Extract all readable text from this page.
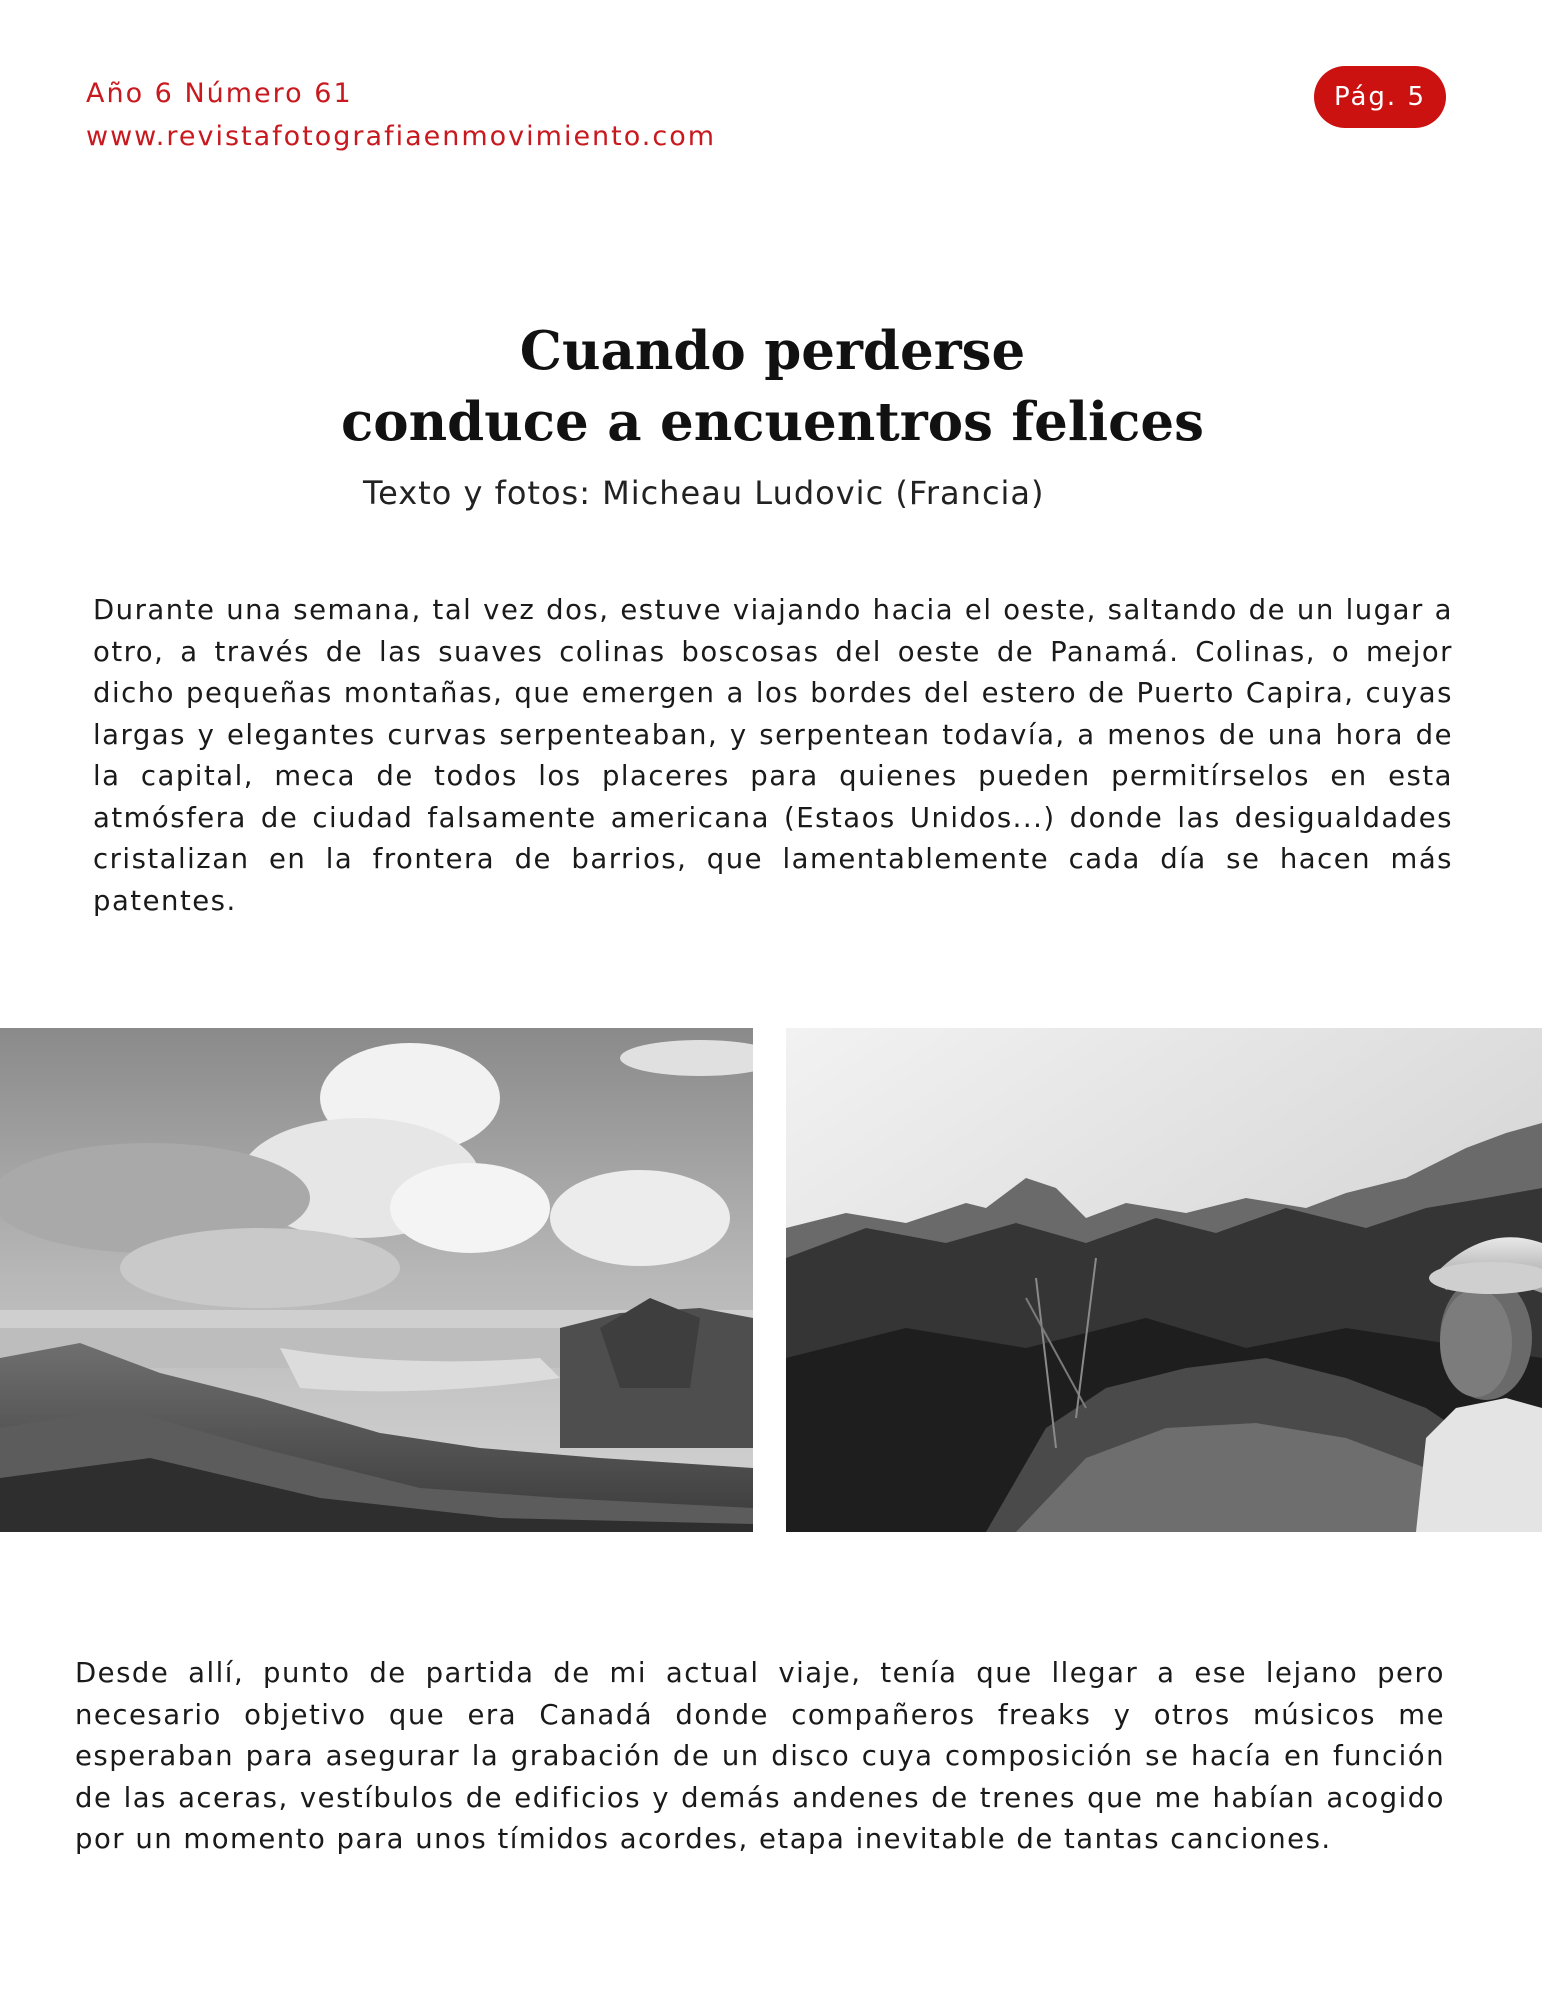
Año 6 Número 61
www.revistafotografiaenmovimiento.com
Pág. 5
Cuando perderse
conduce a encuentros felices

Texto y fotos: Micheau Ludovic (Francia)

Durante una semana, tal vez dos, estuve viajando hacia el oeste, saltando de un lugar a otro, a través de las suaves colinas boscosas del oeste de Panamá. Colinas, o mejor dicho pequeñas montañas, que emergen a los bordes del estero de Puerto Capira, cuyas largas y elegantes curvas serpenteaban, y serpentean todavía, a menos de una hora de la capital, meca de todos los placeres para quienes pueden permitírselos en esta atmósfera de ciudad falsamente americana (Estaos Unidos...) donde las desigualdades cristalizan en la frontera de barrios, que lamentablemente cada día se hacen más patentes.

Desde allí, punto de partida de mi actual viaje, tenía que llegar a ese lejano pero necesario objetivo que era Canadá donde compañeros freaks y otros músicos me esperaban para asegurar la grabación de un disco cuya composición se hacía en función de las aceras, vestíbulos de edificios y demás andenes de trenes que me habían acogido por un momento para unos tímidos acordes, etapa inevitable de tantas canciones.
